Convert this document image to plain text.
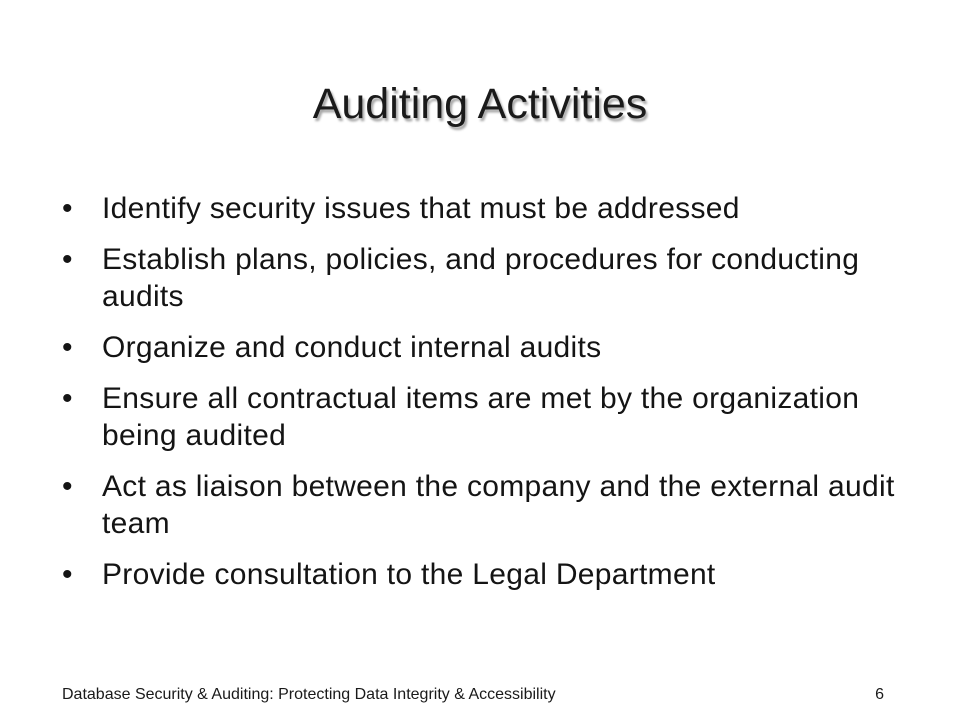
Auditing Activities
• Identify security issues that must be addressed
• Establish plans, policies, and procedures for conducting audits
• Organize and conduct internal audits
• Ensure all contractual items are met by the organization being audited
• Act as liaison between the company and the external audit team
• Provide consultation to the Legal Department
Database Security & Auditing: Protecting Data Integrity & Accessibility	6
